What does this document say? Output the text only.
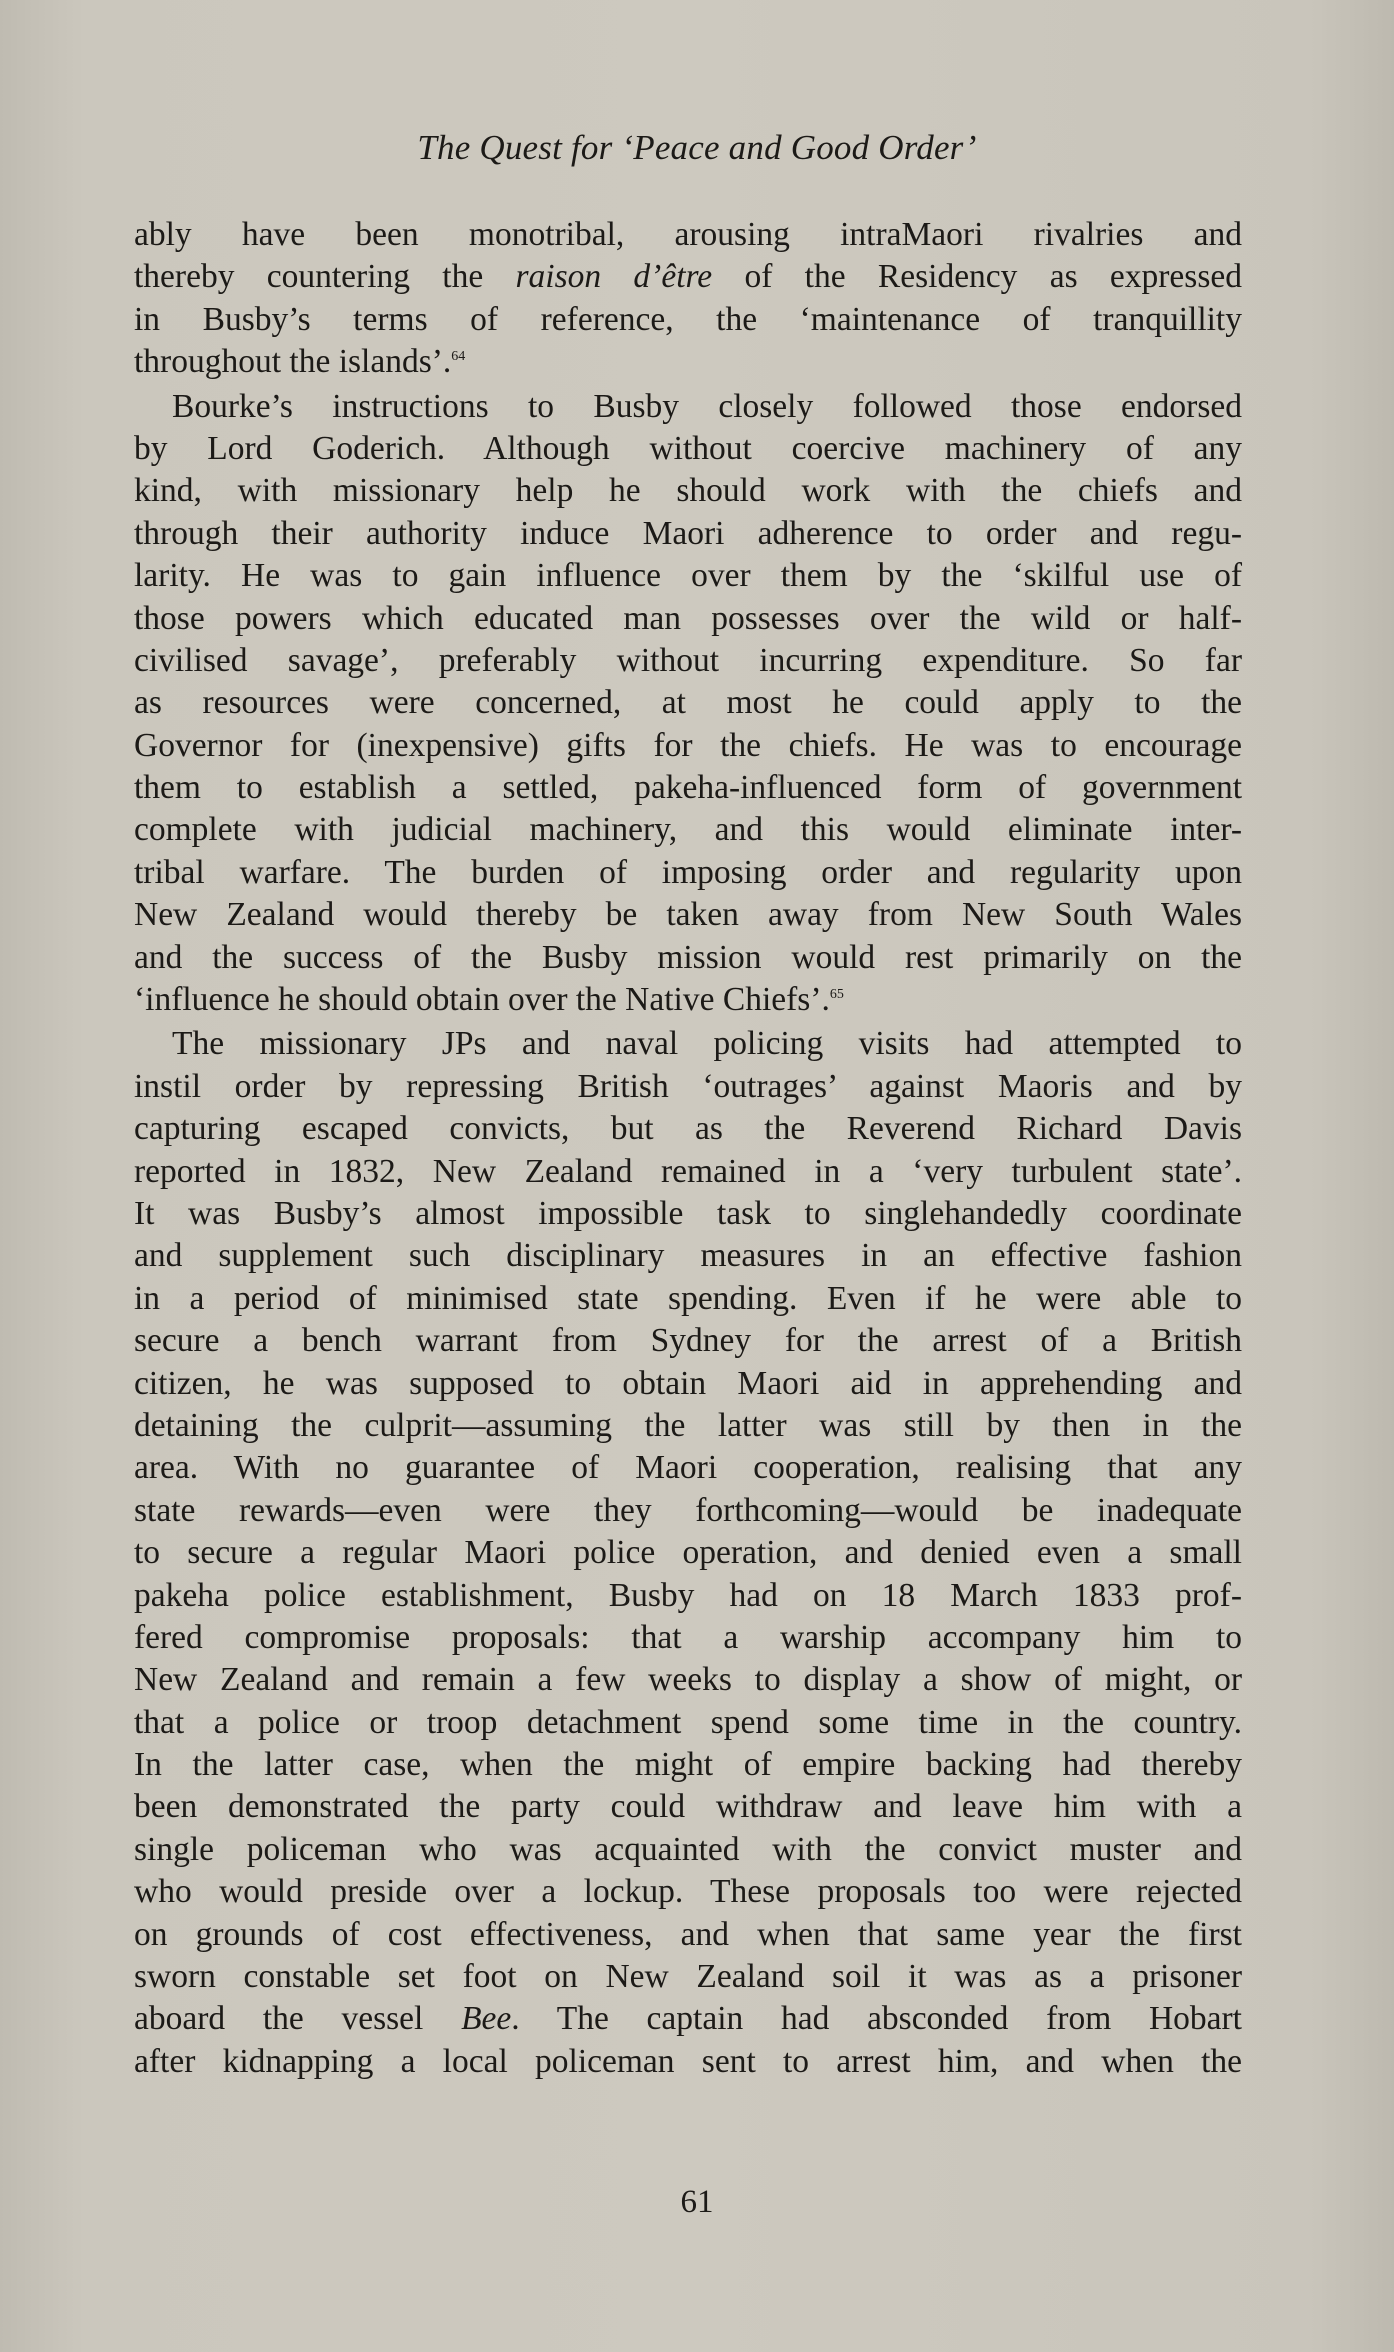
The Quest for ‘Peace and Good Order’
ably have been monotribal, arousing intraMaori rivalries and
thereby countering the raison d’être of the Residency as expressed
in Busby’s terms of reference, the ‘maintenance of tranquillity
throughout the islands’.$^{64}$
Bourke’s instructions to Busby closely followed those endorsed
by Lord Goderich. Although without coercive machinery of any
kind, with missionary help he should work with the chiefs and
through their authority induce Maori adherence to order and regu-
larity. He was to gain influence over them by the ‘skilful use of
those powers which educated man possesses over the wild or half-
civilised savage’, preferably without incurring expenditure. So far
as resources were concerned, at most he could apply to the
Governor for (inexpensive) gifts for the chiefs. He was to encourage
them to establish a settled, pakeha-influenced form of government
complete with judicial machinery, and this would eliminate inter-
tribal warfare. The burden of imposing order and regularity upon
New Zealand would thereby be taken away from New South Wales
and the success of the Busby mission would rest primarily on the
‘influence he should obtain over the Native Chiefs’.$^{65}$
The missionary JPs and naval policing visits had attempted to
instil order by repressing British ‘outrages’ against Maoris and by
capturing escaped convicts, but as the Reverend Richard Davis
reported in 1832, New Zealand remained in a ‘very turbulent state’.
It was Busby’s almost impossible task to singlehandedly coordinate
and supplement such disciplinary measures in an effective fashion
in a period of minimised state spending. Even if he were able to
secure a bench warrant from Sydney for the arrest of a British
citizen, he was supposed to obtain Maori aid in apprehending and
detaining the culprit—assuming the latter was still by then in the
area. With no guarantee of Maori cooperation, realising that any
state rewards—even were they forthcoming—would be inadequate
to secure a regular Maori police operation, and denied even a small
pakeha police establishment, Busby had on 18 March 1833 prof-
fered compromise proposals: that a warship accompany him to
New Zealand and remain a few weeks to display a show of might, or
that a police or troop detachment spend some time in the country.
In the latter case, when the might of empire backing had thereby
been demonstrated the party could withdraw and leave him with a
single policeman who was acquainted with the convict muster and
who would preside over a lockup. These proposals too were rejected
on grounds of cost effectiveness, and when that same year the first
sworn constable set foot on New Zealand soil it was as a prisoner
aboard the vessel Bee. The captain had absconded from Hobart
after kidnapping a local policeman sent to arrest him, and when the
61
